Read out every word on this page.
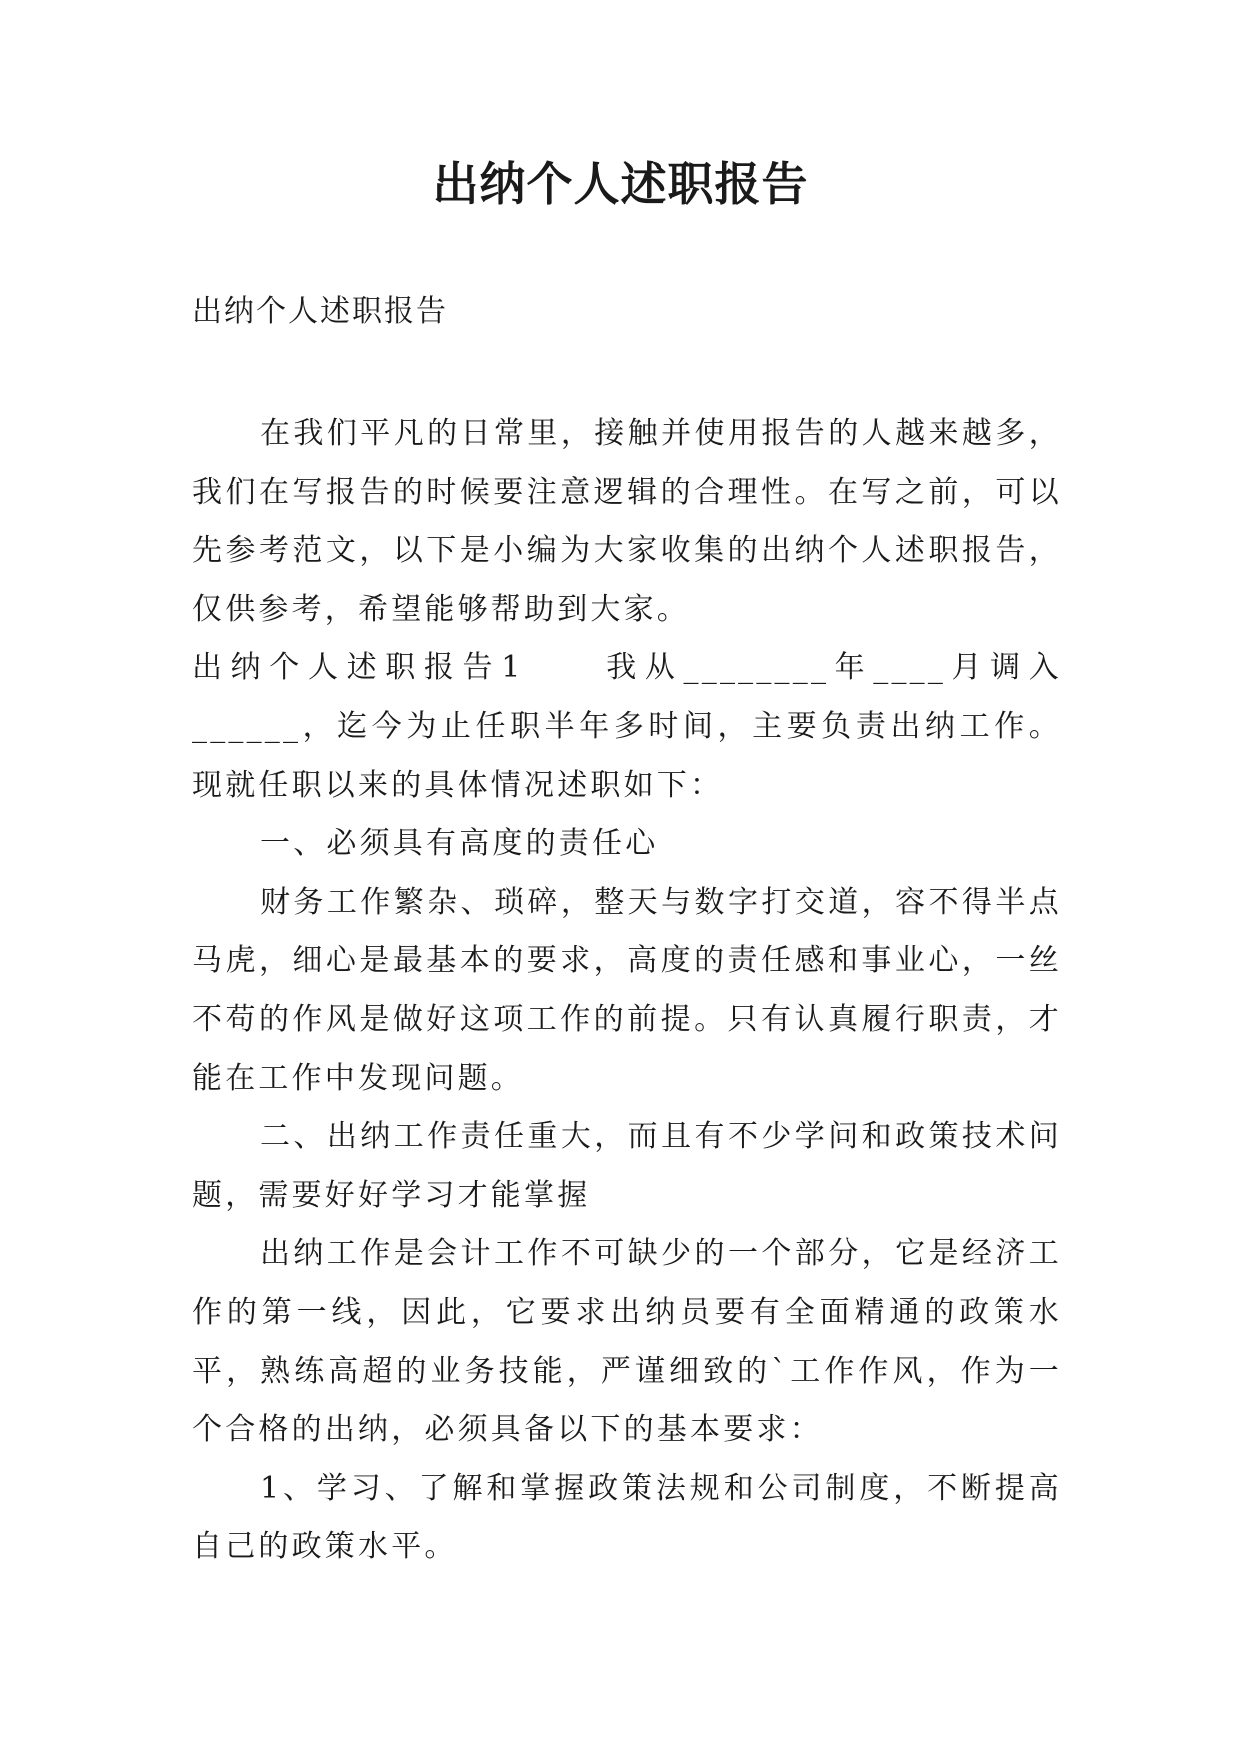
出纳个人述职报告

出纳个人述职报告

在我们平凡的日常里，接触并使用报告的人越来越多，我们在写报告的时候要注意逻辑的合理性。在写之前，可以先参考范文，以下是小编为大家收集的出纳个人述职报告，仅供参考，希望能够帮助到大家。

出纳个人述职报告1　　我从________年____月调入______，迄今为止任职半年多时间，主要负责出纳工作。现就任职以来的具体情况述职如下：

一、必须具有高度的责任心

财务工作繁杂、琐碎，整天与数字打交道，容不得半点马虎，细心是最基本的要求，高度的责任感和事业心，一丝不苟的作风是做好这项工作的前提。只有认真履行职责，才能在工作中发现问题。

二、出纳工作责任重大，而且有不少学问和政策技术问题，需要好好学习才能掌握

出纳工作是会计工作不可缺少的一个部分，它是经济工作的第一线，因此，它要求出纳员要有全面精通的政策水平，熟练高超的业务技能，严谨细致的`工作作风，作为一个合格的出纳，必须具备以下的基本要求：

1、学习、了解和掌握政策法规和公司制度，不断提高自己的政策水平。
